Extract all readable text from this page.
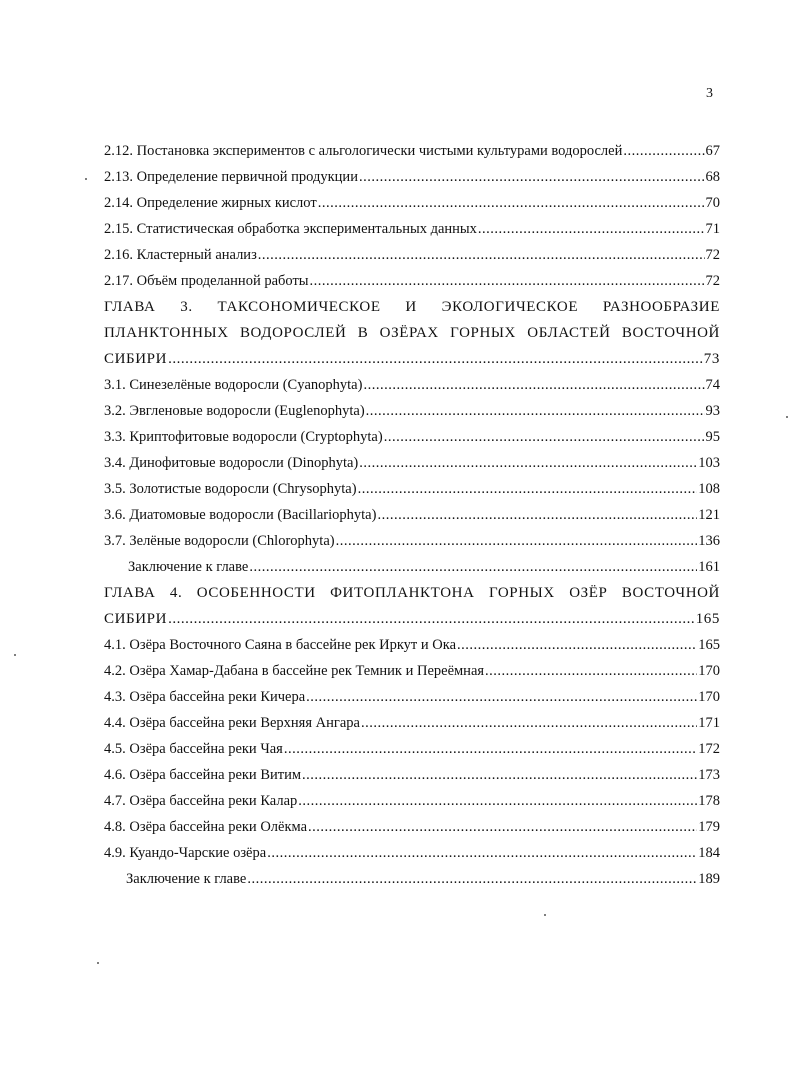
3
2.12. Постановка экспериментов с альгологически чистыми культурами водорослей .....	67
2.13. Определение первичной продукции .....	68
2.14. Определение жирных кислот .....	70
2.15. Статистическая обработка экспериментальных данных .....	71
2.16. Кластерный анализ .....	72
2.17. Объём проделанной работы .....	72
ГЛАВА 3. ТАКСОНОМИЧЕСКОЕ И ЭКОЛОГИЧЕСКОЕ РАЗНООБРАЗИЕ
ПЛАНКТОННЫХ ВОДОРОСЛЕЙ В ОЗЁРАХ ГОРНЫХ ОБЛАСТЕЙ ВОСТОЧНОЙ
СИБИРИ .....	73
3.1. Синезелёные водоросли (Cyanophyta) .....	74
3.2. Эвгленовые водоросли (Euglenophyta) .....	93
3.3. Криптофитовые водоросли (Cryptophyta) .....	95
3.4. Динофитовые водоросли (Dinophyta) .....	103
3.5. Золотистые водоросли (Chrysophyta) .....	108
3.6. Диатомовые водоросли (Bacillariophyta) .....	121
3.7. Зелёные водоросли (Chlorophyta) .....	136
Заключение к главе .....	161
ГЛАВА 4. ОСОБЕННОСТИ ФИТОПЛАНКТОНА ГОРНЫХ ОЗЁР ВОСТОЧНОЙ
СИБИРИ .....	165
4.1. Озёра Восточного Саяна в бассейне рек Иркут и Ока .....	165
4.2. Озёра Хамар-Дабана в бассейне рек Темник и Переёмная .....	170
4.3. Озёра бассейна реки Кичера .....	170
4.4. Озёра бассейна реки Верхняя Ангара .....	171
4.5. Озёра бассейна реки Чая .....	172
4.6. Озёра бассейна реки Витим .....	173
4.7. Озёра бассейна реки Калар .....	178
4.8. Озёра бассейна реки Олёкма .....	179
4.9. Куандо-Чарские озёра .....	184
Заключение к главе .....	189
